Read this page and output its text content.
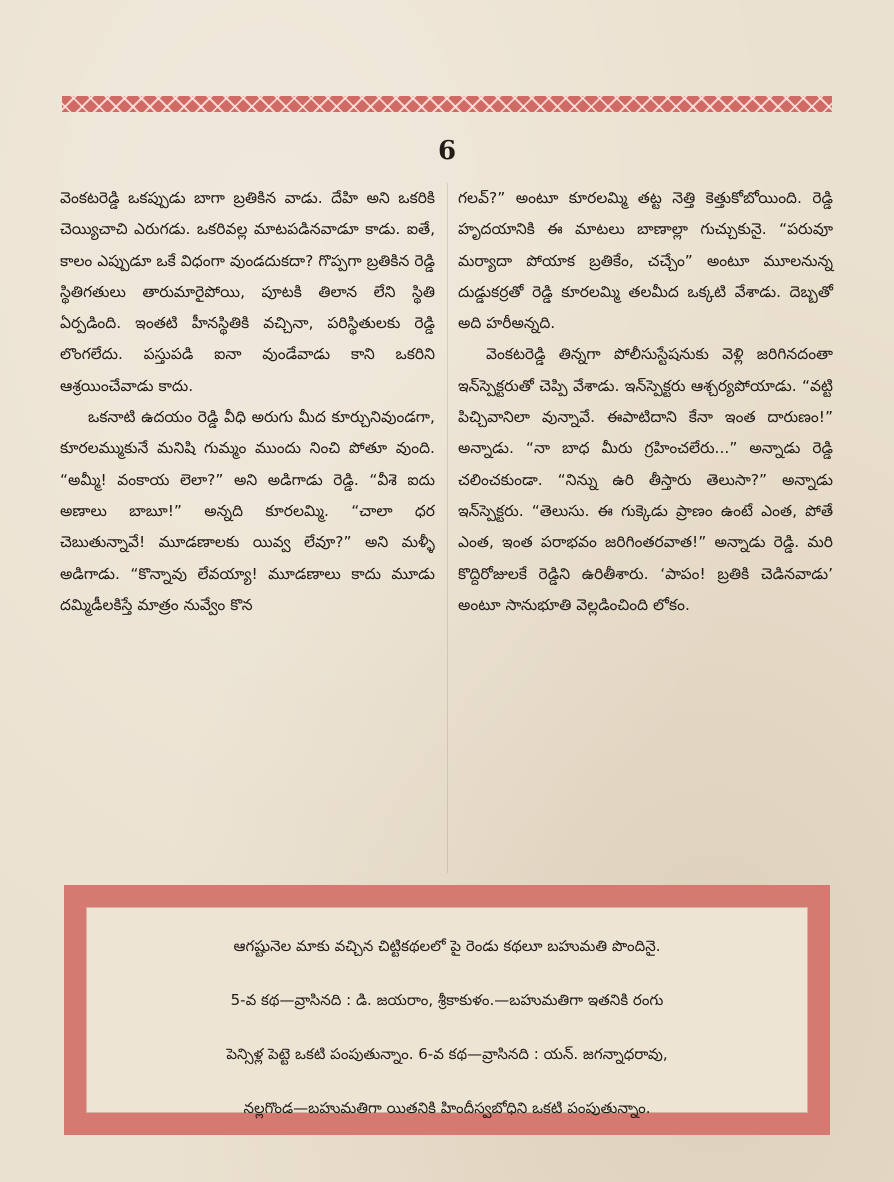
6

వెంకటరెడ్డి ఒకప్పుడు బాగా బ్రతికిన వాడు. దేహి అని ఒకరికి చెయ్యిచాచి ఎరుగడు. ఒకరివల్ల మాటపడినవాడూ కాడు. ఐతే, కాలం ఎప్పుడూ ఒకే విధంగా వుండదుకదా? గొప్పగా బ్రతికిన రెడ్డి స్థితిగతులు తారుమారైపోయి, పూటకి తిలాన లేని స్థితి ఏర్పడింది. ఇంతటి హీనస్థితికి వచ్చినా, పరిస్థితులకు రెడ్డి లొంగలేదు. పస్తుపడి ఐనా వుండేవాడు కాని ఒకరిని ఆశ్రయించేవాడు కాదు.

ఒకనాటి ఉదయం రెడ్డి వీధి అరుగు మీద కూర్చునివుండగా, కూరలమ్ముకునే మనిషి గుమ్మం ముందు నించి పోతూ వుంది. “అమ్మీ! వంకాయ లెలా?” అని అడిగాడు రెడ్డి. “వీశె ఐదు అణాలు బాబూ!” అన్నది కూరలమ్మి. “చాలా ధర చెబుతున్నావే! మూడణాలకు యివ్వ లేవూ?” అని మళ్ళీ అడిగాడు. “కొన్నావు లేవయ్యా! మూడణాలు కాదు మూడు దమ్మిడీలకిస్తే మాత్రం నువ్వేం కొన

గలవ్?” అంటూ కూరలమ్మి తట్ట నెత్తి కెత్తుకోబోయింది. రెడ్డి హృదయానికి ఈ మాటలు బాణాల్లా గుచ్చుకునై. “పరువూ మర్యాదా పోయాక బ్రతికేం, చచ్చేం” అంటూ మూలనున్న దుడ్డుకర్రతో రెడ్డి కూరలమ్మి తలమీద ఒక్కటి వేశాడు. దెబ్బతో అది హరీఅన్నది.

వెంకటరెడ్డి తిన్నగా పోలీసుస్టేషనుకు వెళ్లి జరిగినదంతా ఇన్‌స్పెక్టరుతో చెప్పి వేశాడు. ఇన్‌స్పెక్టరు ఆశ్చర్యపోయాడు. “వట్టి పిచ్చివానిలా వున్నావే. ఈపాటిదాని కేనా ఇంత దారుణం!” అన్నాడు. “నా బాధ మీరు గ్రహించలేరు...” అన్నాడు రెడ్డి చలించకుండా. “నిన్ను ఉరి తీస్తారు తెలుసా?” అన్నాడు ఇన్‌స్పెక్టరు. “తెలుసు. ఈ గుక్కెడు ప్రాణం ఉంటే ఎంత, పోతే ఎంత, ఇంత పరాభవం జరిగింతరవాత!” అన్నాడు రెడ్డి. మరి కొద్దిరోజులకే రెడ్డిని ఉరితీశారు. ‘పాపం! బ్రతికి చెడినవాడు’ అంటూ సానుభూతి వెల్లడించింది లోకం.

ఆగష్టునెల మాకు వచ్చిన చిట్టికథలలో పై రెండు కథలూ బహుమతి పొందినై.
5-వ కథ—వ్రాసినది : డి. జయరాం, శ్రీకాకుళం.—బహుమతిగా ఇతనికి రంగు
పెన్సిళ్ల పెట్టె ఒకటి పంపుతున్నాం. 6-వ కథ—వ్రాసినది : యన్. జగన్నాధరావు,
నల్లగొండ—బహుమతిగా యితనికి హిందీస్వబోధిని ఒకటి పంపుతున్నాం.
